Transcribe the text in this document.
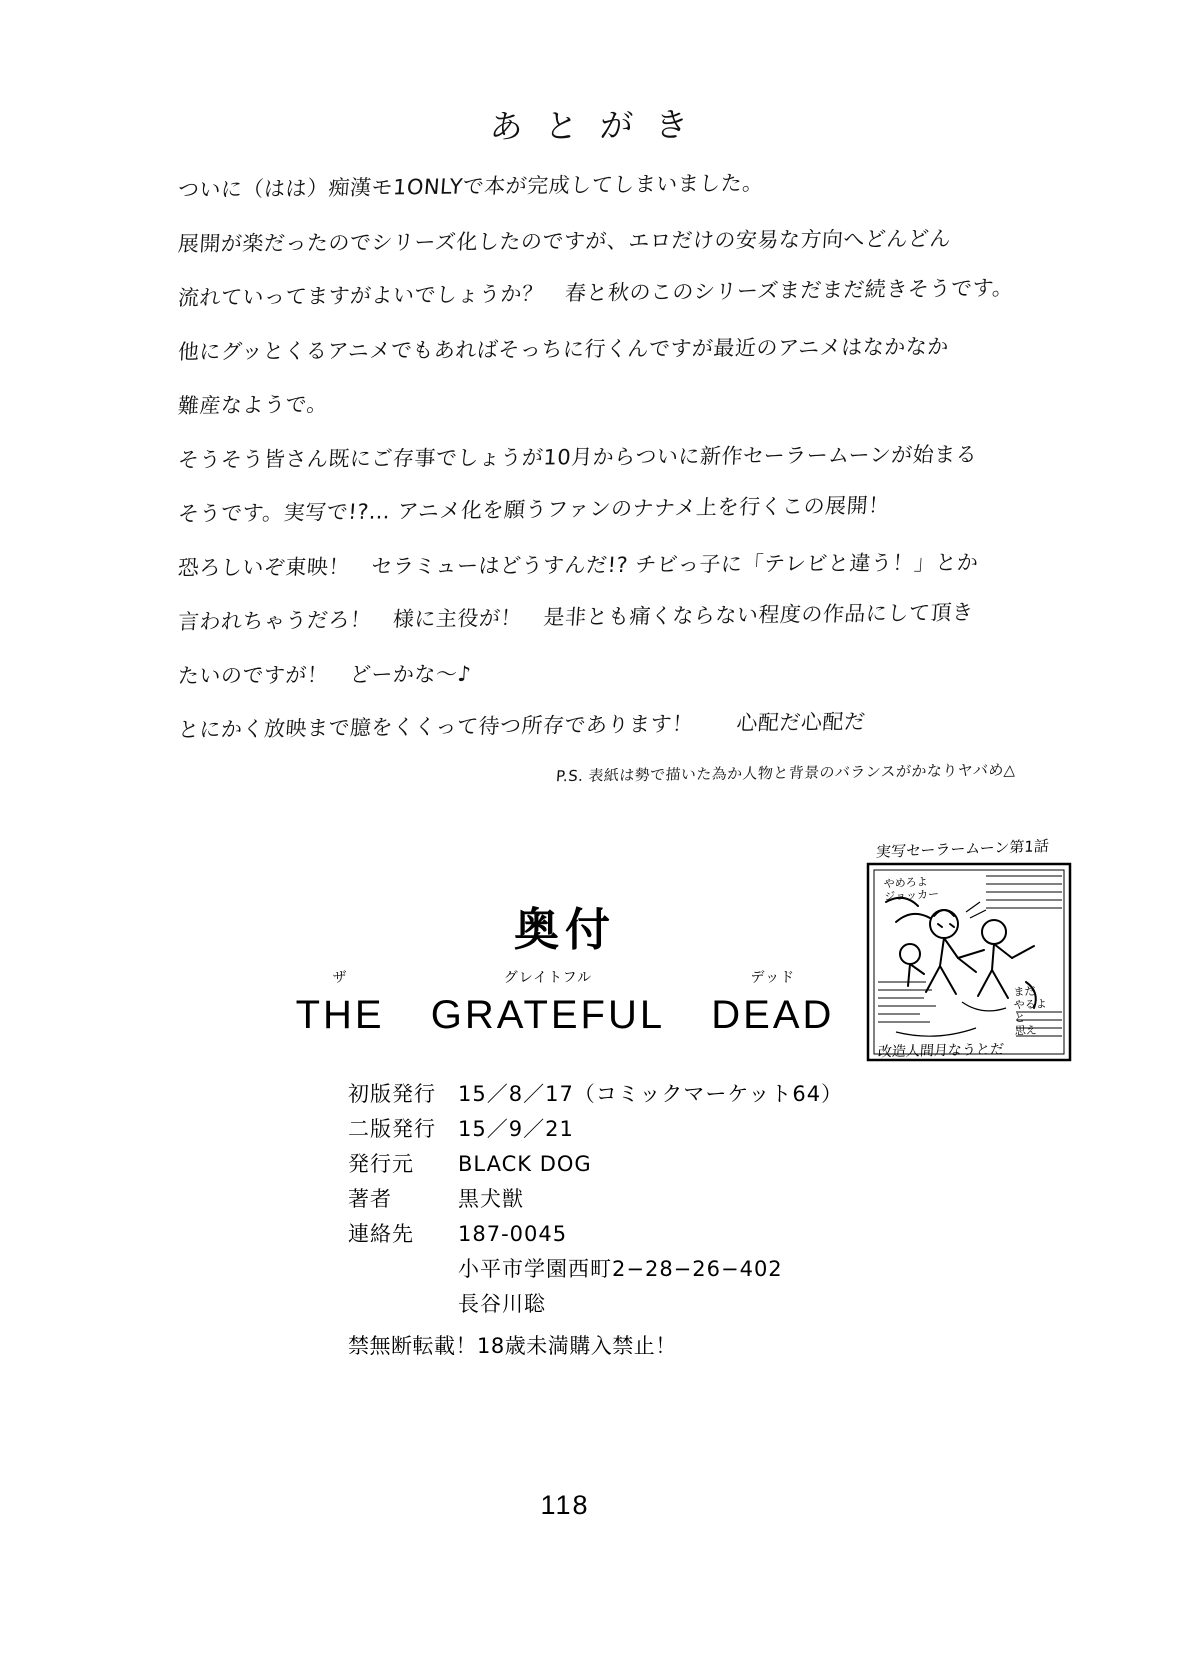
あとがき
ついに（はは）痴漢モ1ONLYで本が完成してしまいました。
展開が楽だったのでシリーズ化したのですが、エロだけの安易な方向へどんどん
流れていってますがよいでしょうか？　春と秋のこのシリーズまだまだ続きそうです。
他にグッとくるアニメでもあればそっちに行くんですが最近のアニメはなかなか
難産なようで。
そうそう皆さん既にご存事でしょうが10月からついに新作セーラームーンが始まる
そうです。実写で!?… アニメ化を願うファンのナナメ上を行くこの展開！
恐ろしいぞ東映！　セラミューはどうすんだ!? チビっ子に「テレビと違う！」とか
言われちゃうだろ！　様に主役が！　是非とも痛くならない程度の作品にして頂き
たいのですが！　どーかな〜♪
とにかく放映まで臆をくくって待つ所存であります！　　心配だ心配だ
P.S. 表紙は勢で描いた為か人物と背景のバランスがかなりヤバめ△
実写セーラームーン第1話
やめろよ
ジョッカー
まだ
やるよ
と
思え
改造人間月なうとだ
奥付
ザ
THE
グレイトフル
GRATEFUL
デッド
DEAD
初版発行 15／8／17（コミックマーケット64）
二版発行 15／9／21
発行元 BLACK DOG
著者	黒犬獣
連絡先 187-0045
小平市学園西町2−28−26−402
長谷川聡
禁無断転載！18歳未満購入禁止！
118
